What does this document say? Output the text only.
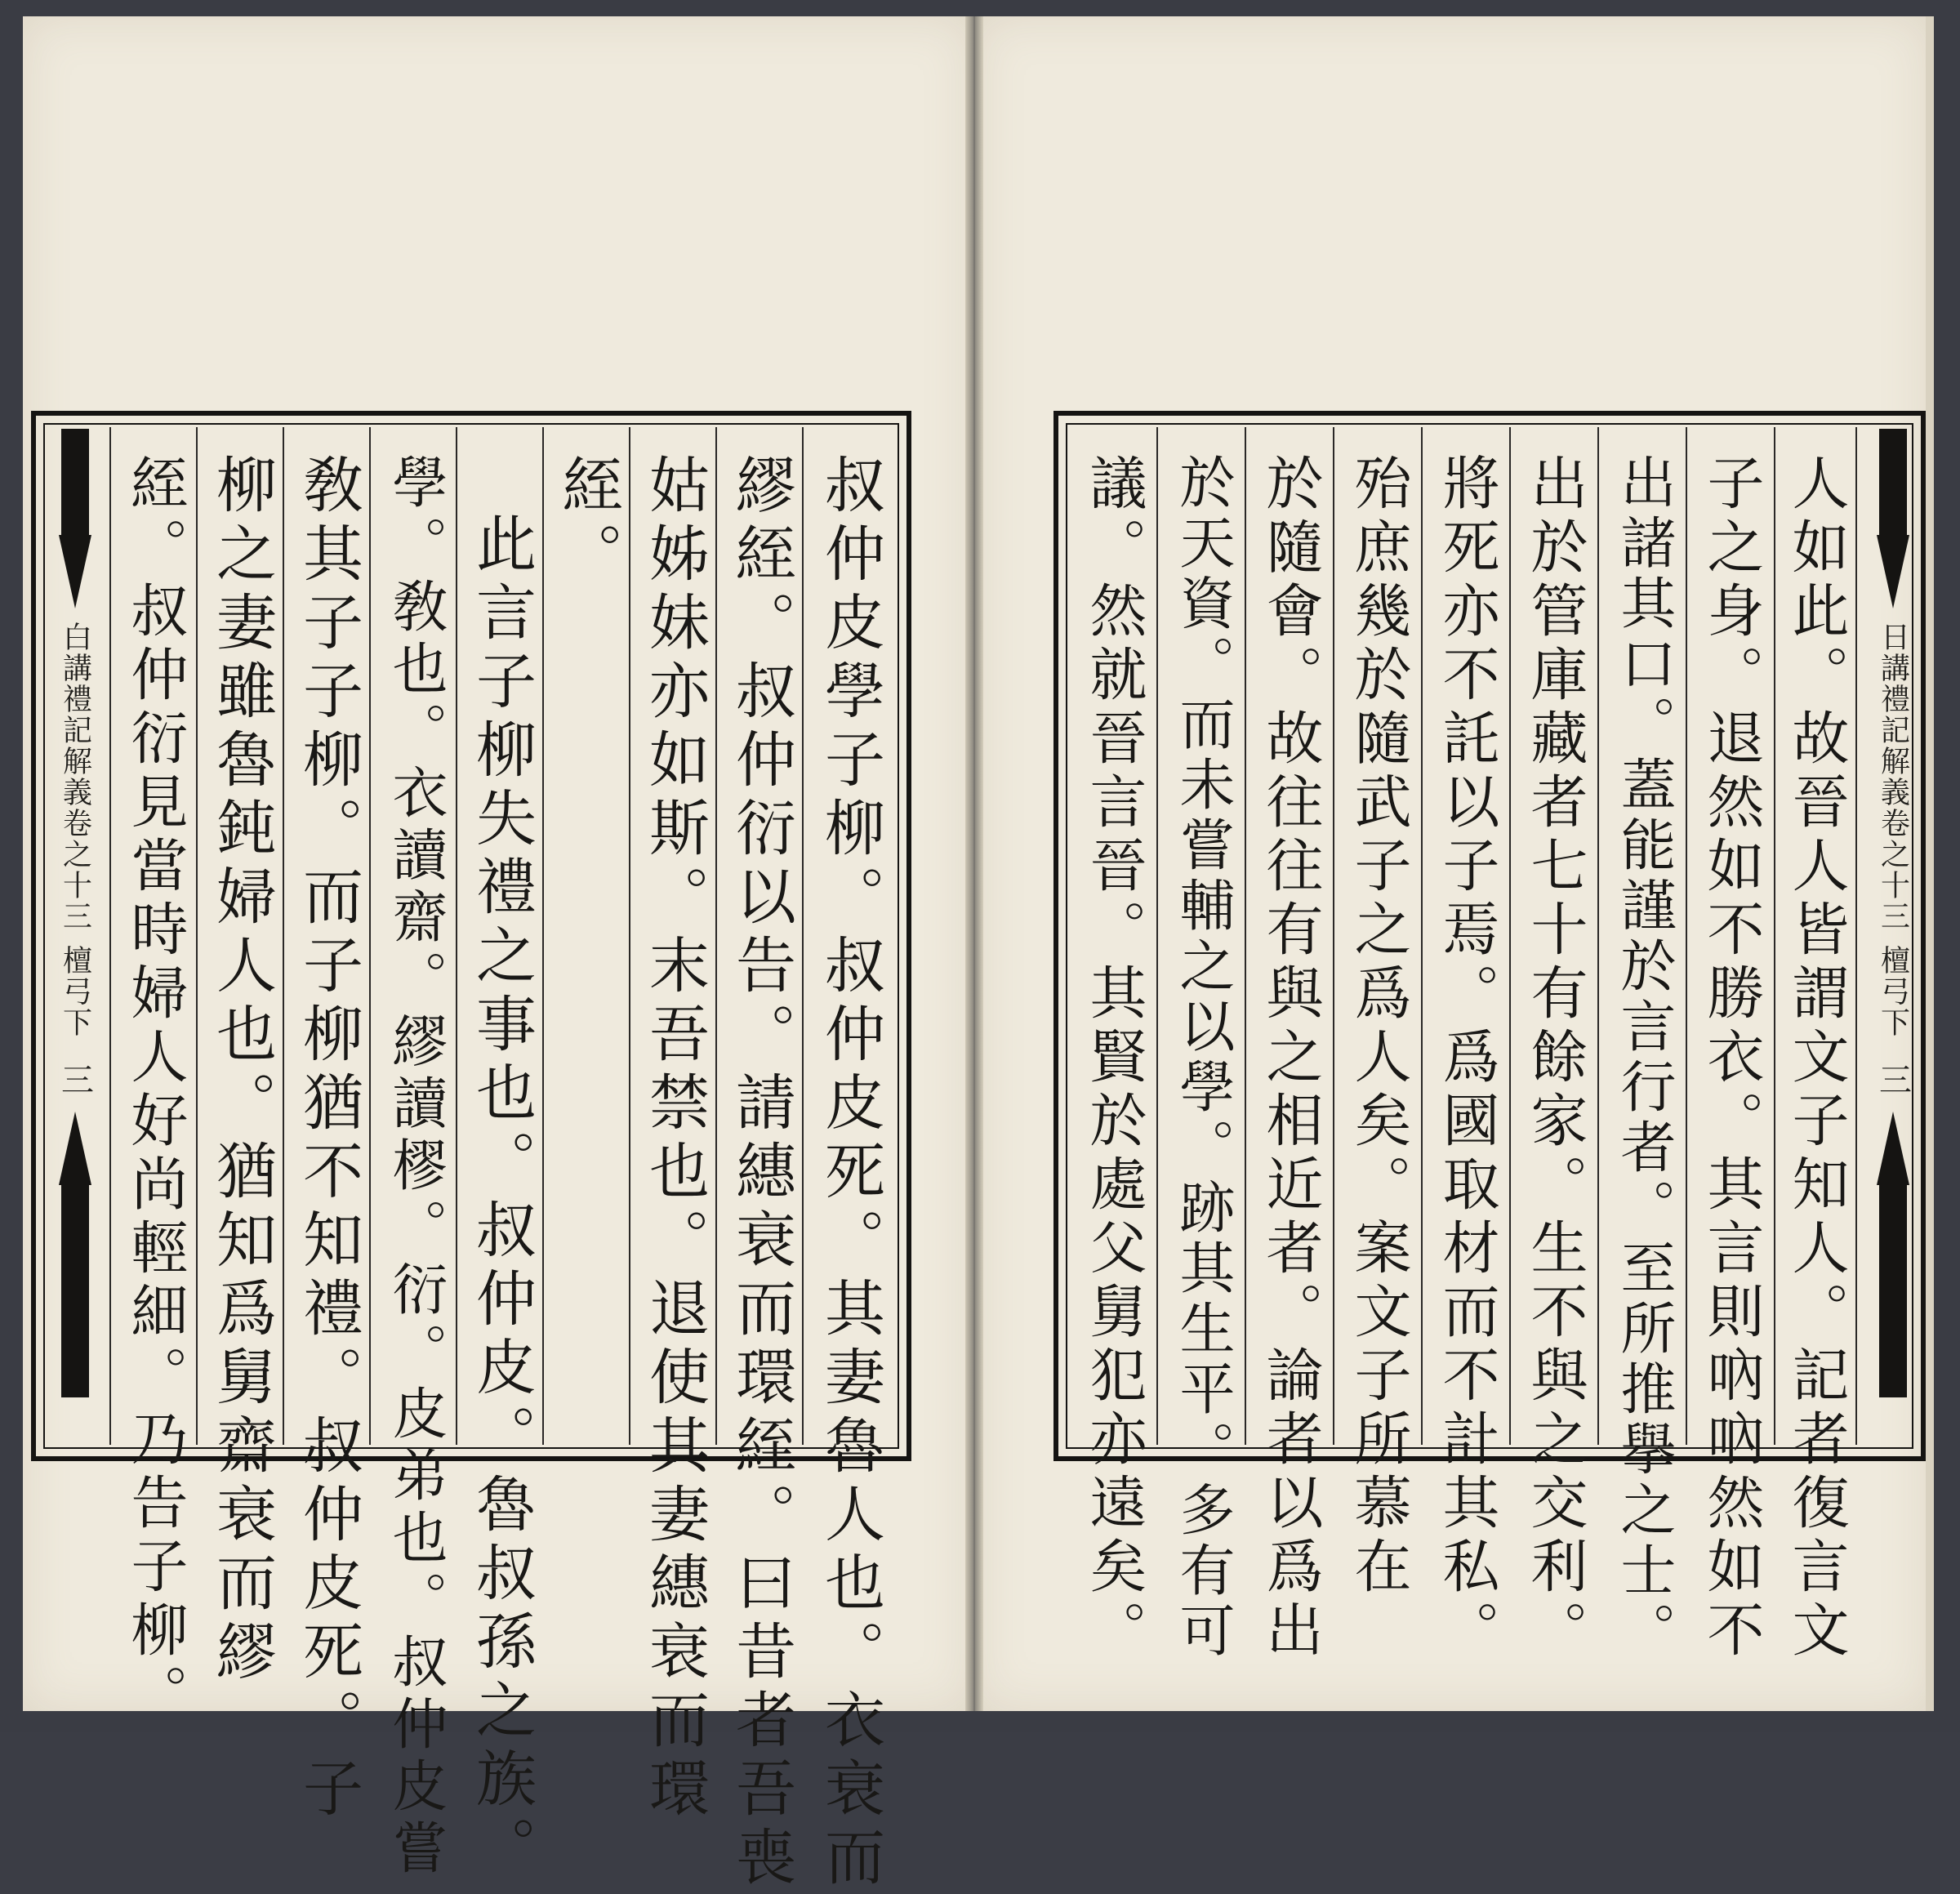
白講禮記解義卷之十三
檀弓下
三	叔仲皮學子柳。叔仲皮死。其妻魯人也。衣衰而
繆絰。叔仲衍以告。請繐衰而環絰。曰昔者吾喪
姑姊妹亦如斯。末吾禁也。退使其妻繐衰而環
絰。
此言子柳失禮之事也。叔仲皮。魯叔孫之族。
學。敎也。衣讀齋。繆讀樛。衍。皮弟也。叔仲皮嘗
敎其子子柳。而子柳猶不知禮。叔仲皮死。子
柳之妻雖魯鈍婦人也。猶知爲舅齋衰而繆
絰。叔仲衍見當時婦人好尚輕細。乃告子柳。	人如此。故晉人皆謂文子知人。記者復言文
子之身。退然如不勝衣。其言則吶吶然如不
出諸其口。蓋能謹於言行者。至所推擧之士。
出於管庫藏者七十有餘家。生不與之交利。
將死亦不託以子焉。爲國取材而不計其私。
殆庶幾於隨武子之爲人矣。案文子所慕在
於隨會。故往往有與之相近者。論者以爲出
於天資。而未嘗輔之以學。跡其生平。多有可
議。然就晉言晉。其賢於處父舅犯亦遠矣。	日講禮記解義卷之十三
檀弓下
三
